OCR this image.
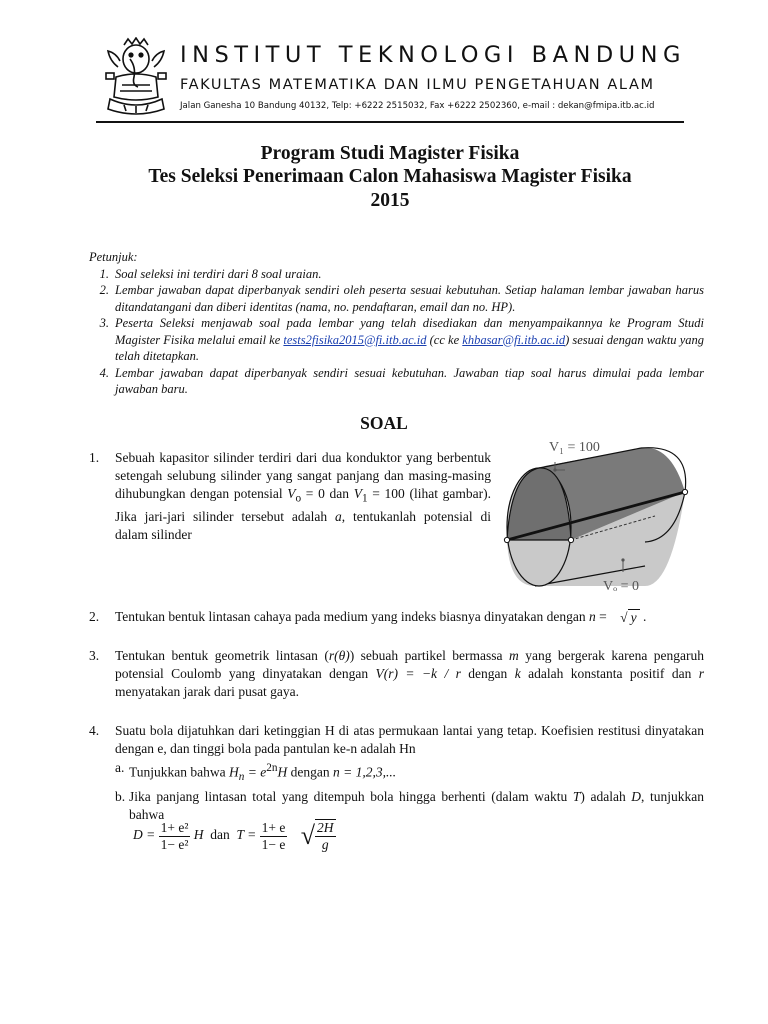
INSTITUT TEKNOLOGI BANDUNG
FAKULTAS MATEMATIKA DAN ILMU PENGETAHUAN ALAM
Jalan Ganesha 10 Bandung 40132, Telp: +6222 2515032, Fax +6222 2502360, e-mail : dekan@fmipa.itb.ac.id
Program Studi Magister Fisika
Tes Seleksi Penerimaan Calon Mahasiswa Magister Fisika
2015
Petunjuk:
1. Soal seleksi ini terdiri dari 8 soal uraian.
2. Lembar jawaban dapat diperbanyak sendiri oleh peserta sesuai kebutuhan. Setiap halaman lembar jawaban harus ditandatangani dan diberi identitas (nama, no. pendaftaran, email dan no. HP).
3. Peserta Seleksi menjawab soal pada lembar yang telah disediakan dan menyampaikannya ke Program Studi Magister Fisika melalui email ke tests2fisika2015@fi.itb.ac.id (cc ke khbasar@fi.itb.ac.id) sesuai dengan waktu yang telah ditetapkan.
4. Lembar jawaban dapat diperbanyak sendiri sesuai kebutuhan. Jawaban tiap soal harus dimulai pada lembar jawaban baru.
SOAL
1. Sebuah kapasitor silinder terdiri dari dua konduktor yang berbentuk setengah selubung silinder yang sangat panjang dan masing-masing dihubungkan dengan potensial $V_o = 0$ dan $V_1 = 100$ (lihat gambar). Jika jari-jari silinder tersebut adalah a, tentukanlah potensial di dalam silinder
V₁ = 100
Vₒ = 0
2. Tentukan bentuk lintasan cahaya pada medium yang indeks biasnya dinyatakan dengan n = √ y .
3. Tentukan bentuk geometrik lintasan (r(θ)) sebuah partikel bermassa m yang bergerak karena pengaruh potensial Coulomb yang dinyatakan dengan V(r) = −k / r dengan k adalah konstanta positif dan r menyatakan jarak dari pusat gaya.
4. Suatu bola dijatuhkan dari ketinggian H di atas permukaan lantai yang tetap. Koefisien restitusi dinyatakan dengan e, dan tinggi bola pada pantulan ke-n adalah Hn
a. Tunjukkan bahwa $H_n = e^{2n}H$ dengan n = 1,2,3,...
b. Jika panjang lintasan total yang ditempuh bola hingga berhenti (dalam waktu T) adalah D, tunjukkan bahwa
$D = \frac{\text{1+ e²}}{\text{1− e²}}$ H dan $T = \frac{1+ e}{1- e}$ √ $\frac{2H}{g}$
